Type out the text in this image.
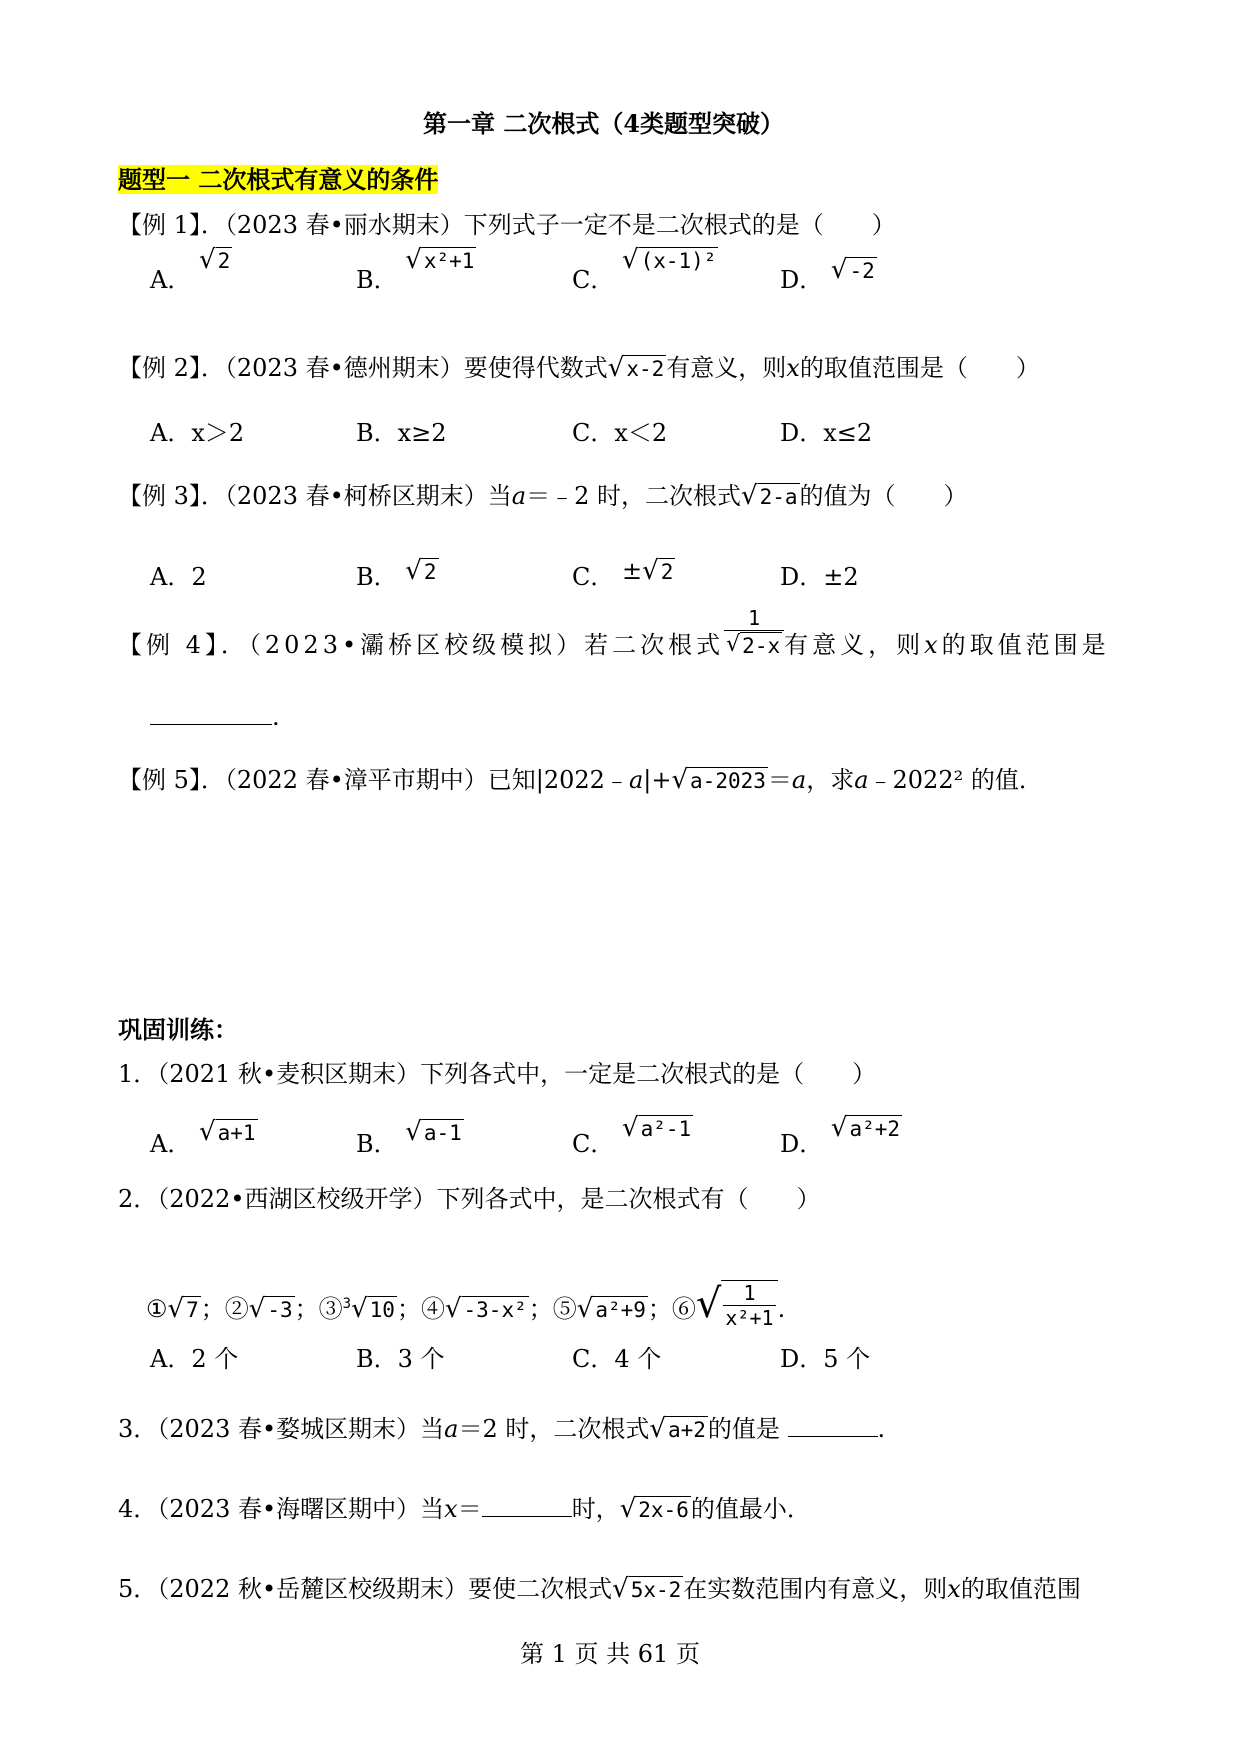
第一章 二次根式（4类题型突破）
题型一 二次根式有意义的条件
【例 1】．（2023 春•丽水期末）下列式子一定不是二次根式的是（　　）
A．
√ 2
B．
√ x²+1
C．
√ (x-1)²
D． √ -2
【例 2】．（2023 春•德州期末）要使得代数式 √ x-2 有意义，则x的取值范围是（　　）
A．x＞2	B．x≥2	C．x＜2	D．x≤2
【例 3】．（2023 春•柯桥区期末）当a＝﹣2 时，二次根式 √ 2-a 的值为（　　）
A．2	B． √ 2	C． ± √ 2	D．±2
【例 4】．（2023•灞桥区校级模拟）若二次根式 $\frac{1}{√ 2-x}$ 有意义，则x的取值范围是
.
【例 5】．（2022 春•漳平市期中）已知|2022﹣a|+ √ a-2023 ＝a，求a﹣2022² 的值．
巩固训练：
1．（2021 秋•麦积区期末）下列各式中，一定是二次根式的是（　　）
A． √ a+1	B． √ a-1	C．
√ a²-1
D．
√ a²+2
2．（2022•西湖区校级开学）下列各式中，是二次根式有（　　）
① √ 7 ；② √ -3 ；③$^3$ √ 10 ；④ √ -3-x² ；⑤ √ a²+9 ；⑥ √ $\frac{1}{\text{x²+1}}$ .
A．2 个	B．3 个	C．4 个	D．5 个
3．（2023 春•婺城区期末）当a＝2 时，二次根式 √ a+2 的值是	.
4．（2023 春•海曙区期中）当x＝	时， √ 2x-6 的值最小．
5．（2022 秋•岳麓区校级期末）要使二次根式 √ 5x-2 在实数范围内有意义，则x的取值范围
第 1 页 共 61 页
